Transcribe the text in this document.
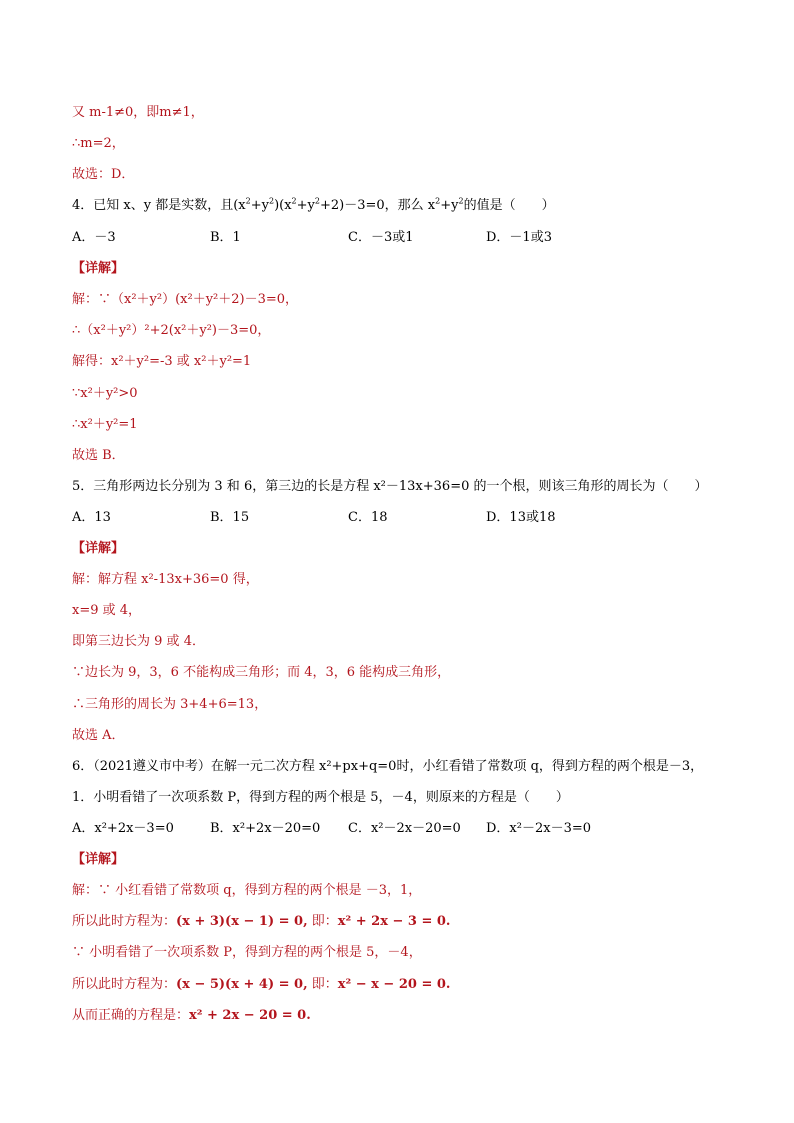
又 m-1≠0，即m≠1，
∴m=2，
故选：D．
4．已知 x、y 都是实数，且$(x^2+y^2)(x^2+y^2+2)-3=0$，那么 $x^2+y^2$的值是（　　）
A．－3	B．1	C．－3或1	D．－1或3
【详解】
解：∵（x²＋y²）(x²＋y²＋2)－3=0，
∴（x²＋y²）²+2(x²＋y²)－3=0，
解得：x²＋y²=-3 或 x²＋y²=1
∵x²＋y²>0
∴x²＋y²=1
故选 B．
5．三角形两边长分别为 3 和 6，第三边的长是方程 x²－13x+36=0 的一个根，则该三角形的周长为（　　）
A．13	B．15	C．18	D．13或18
【详解】
解：解方程 x²-13x+36=0 得，
x=9 或 4，
即第三边长为 9 或 4．
∵边长为 9，3，6 不能构成三角形；而 4，3，6 能构成三角形，
∴三角形的周长为 3+4+6=13，
故选 A．
6．（2021遵义市中考）在解一元二次方程 x²+px+q=0时，小红看错了常数项 q，得到方程的两个根是－3，
1．小明看错了一次项系数 P，得到方程的两个根是 5，－4，则原来的方程是（　　）
A．x²+2x－3=0	B．x²+2x－20=0 C．x²－2x－20=0 D．x²－2x－3=0
【详解】
解：∵ 小红看错了常数项 q，得到方程的两个根是 －3，1，
所以此时方程为：(x + 3)(x − 1) = 0, 即：x² + 2x − 3 = 0.
∵ 小明看错了一次项系数 P，得到方程的两个根是 5，－4，
所以此时方程为：(x − 5)(x + 4) = 0, 即：x² − x − 20 = 0.
从而正确的方程是：x² + 2x − 20 = 0.
